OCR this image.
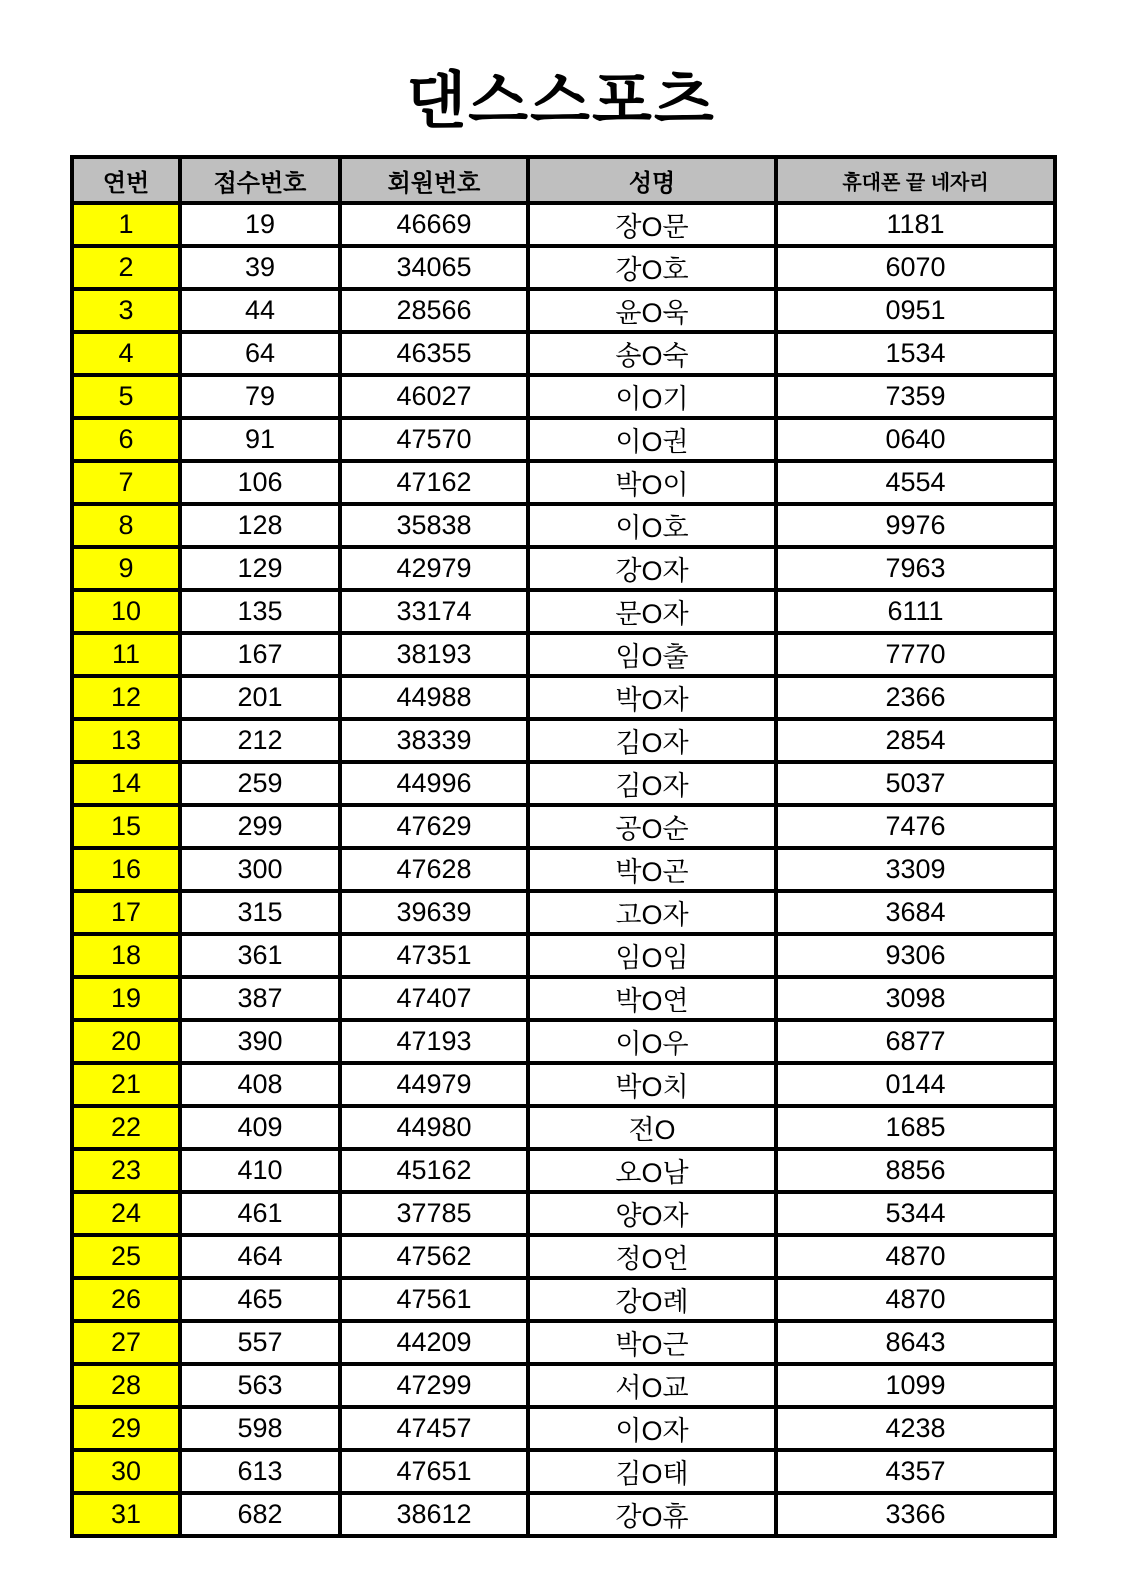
댄스스포츠
연번	접수번호	회원번호	성명	휴대폰 끝 네자리
1	19	46669	장O문	1181
2	39	34065	강O호	6070
3	44	28566	윤O욱	0951
4	64	46355	송O숙	1534
5	79	46027	이O기	7359
6	91	47570	이O권	0640
7	106	47162	박O이	4554
8	128	35838	이O호	9976
9	129	42979	강O자	7963
10	135	33174	문O자	6111
11	167	38193	임O출	7770
12	201	44988	박O자	2366
13	212	38339	김O자	2854
14	259	44996	김O자	5037
15	299	47629	공O순	7476
16	300	47628	박O곤	3309
17	315	39639	고O자	3684
18	361	47351	임O임	9306
19	387	47407	박O연	3098
20	390	47193	이O우	6877
21	408	44979	박O치	0144
22	409	44980	전O	1685
23	410	45162	오O남	8856
24	461	37785	양O자	5344
25	464	47562	정O언	4870
26	465	47561	강O례	4870
27	557	44209	박O근	8643
28	563	47299	서O교	1099
29	598	47457	이O자	4238
30	613	47651	김O태	4357
31	682	38612	강O휴	3366
